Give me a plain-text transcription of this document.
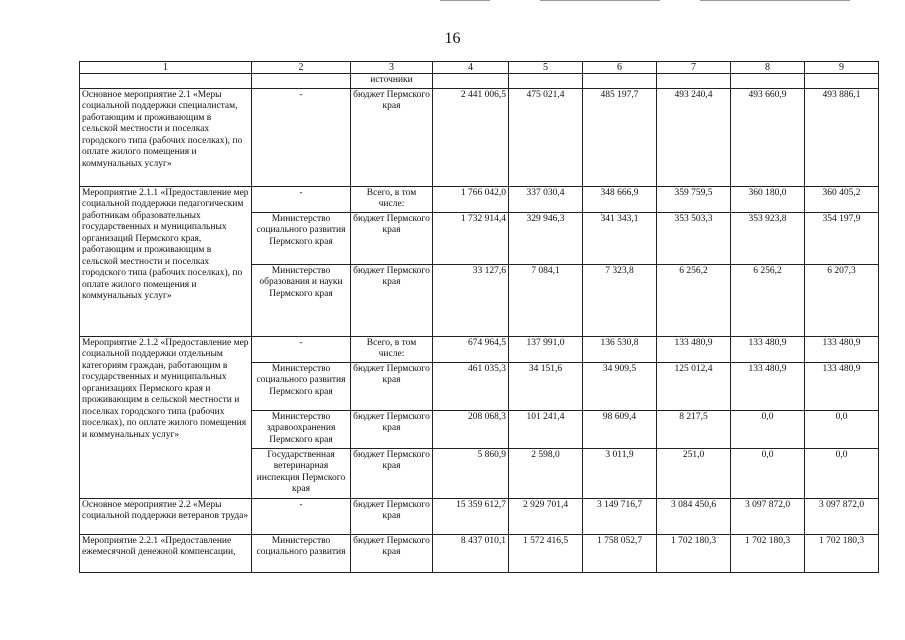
16
1	2	3	4	5	6	7	8	9
		источники						
Основное мероприятие 2.1 «Меры социальной поддержки специалистам, работающим и проживающим в сельской местности и поселках городского типа (рабочих поселках), по оплате жилого помещения и коммунальных услуг»	-	бюджет Пермского края	2 441 006,5	475 021,4	485 197,7	493 240,4	493 660,9	493 886,1
Мероприятие 2.1.1 «Предоставление мер социальной поддержки педагогическим работникам образовательных государственных и муниципальных организаций Пермского края, работающим и проживающим в сельской местности и поселках городского типа (рабочих поселках), по оплате жилого помещения и коммунальных услуг»	-	Всего, в том числе:	1 766 042,0	337 030,4	348 666,9	359 759,5	360 180,0	360 405,2
	Министерство социального развития Пермского края	бюджет Пермского края	1 732 914,4	329 946,3	341 343,1	353 503,3	353 923,8	354 197,9
	Министерство образования и науки Пермского края	бюджет Пермского края	33 127,6	7 084,1	7 323,8	6 256,2	6 256,2	6 207,3
Мероприятие 2.1.2 «Предоставление мер социальной поддержки отдельным категориям граждан, работающим в государственных и муниципальных организациях Пермского края и проживающим в сельской местности и поселках городского типа (рабочих поселках), по оплате жилого помещения и коммунальных услуг»	-	Всего, в том числе:	674 964,5	137 991,0	136 530,8	133 480,9	133 480,9	133 480,9
	Министерство социального развития Пермского края	бюджет Пермского края	461 035,3	34 151,6	34 909,5	125 012,4	133 480,9	133 480,9
	Министерство здравоохранения Пермского края	бюджет Пермского края	208 068,3	101 241,4	98 609,4	8 217,5	0,0	0,0
	Государственная ветеринарная инспекция Пермского края	бюджет Пермского края	5 860,9	2 598,0	3 011,9	251,0	0,0	0,0
Основное мероприятие 2.2 «Меры социальной поддержки ветеранов труда»	-	бюджет Пермского края	15 359 612,7	2 929 701,4	3 149 716,7	3 084 450,6	3 097 872,0	3 097 872,0
Мероприятие 2.2.1 «Предоставление ежемесячной денежной компенсации,	Министерство социального развития	бюджет Пермского края	8 437 010,1	1 572 416,5	1 758 052,7	1 702 180,3	1 702 180,3	1 702 180,3
